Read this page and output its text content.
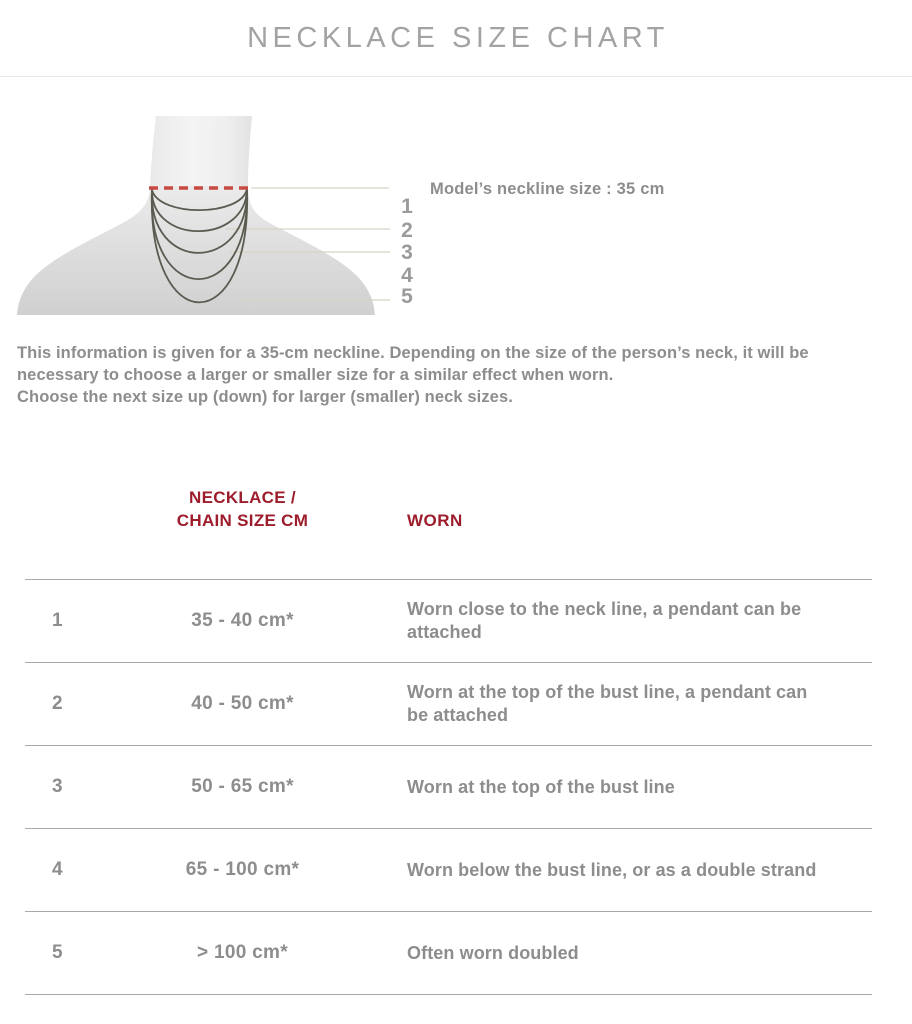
NECKLACE SIZE CHART
Model’s neckline size : 35 cm
1
2
3
4
5

This information is given for a 35-cm neckline. Depending on the size of the person’s neck, it will be
necessary to choose a larger or smaller size for a similar effect when worn.
Choose the next size up (down) for larger (smaller) neck sizes.

NECKLACE /
CHAIN SIZE CM	WORN
1	35 - 40 cm*
Worn close to the neck line, a pendant can be
attached
2	40 - 50 cm*
Worn at the top of the bust line, a pendant can
be attached
3	50 - 65 cm*	Worn at the top of the bust line
4	65 - 100 cm*	Worn below the bust line, or as a double strand
5	> 100 cm*	Often worn doubled
